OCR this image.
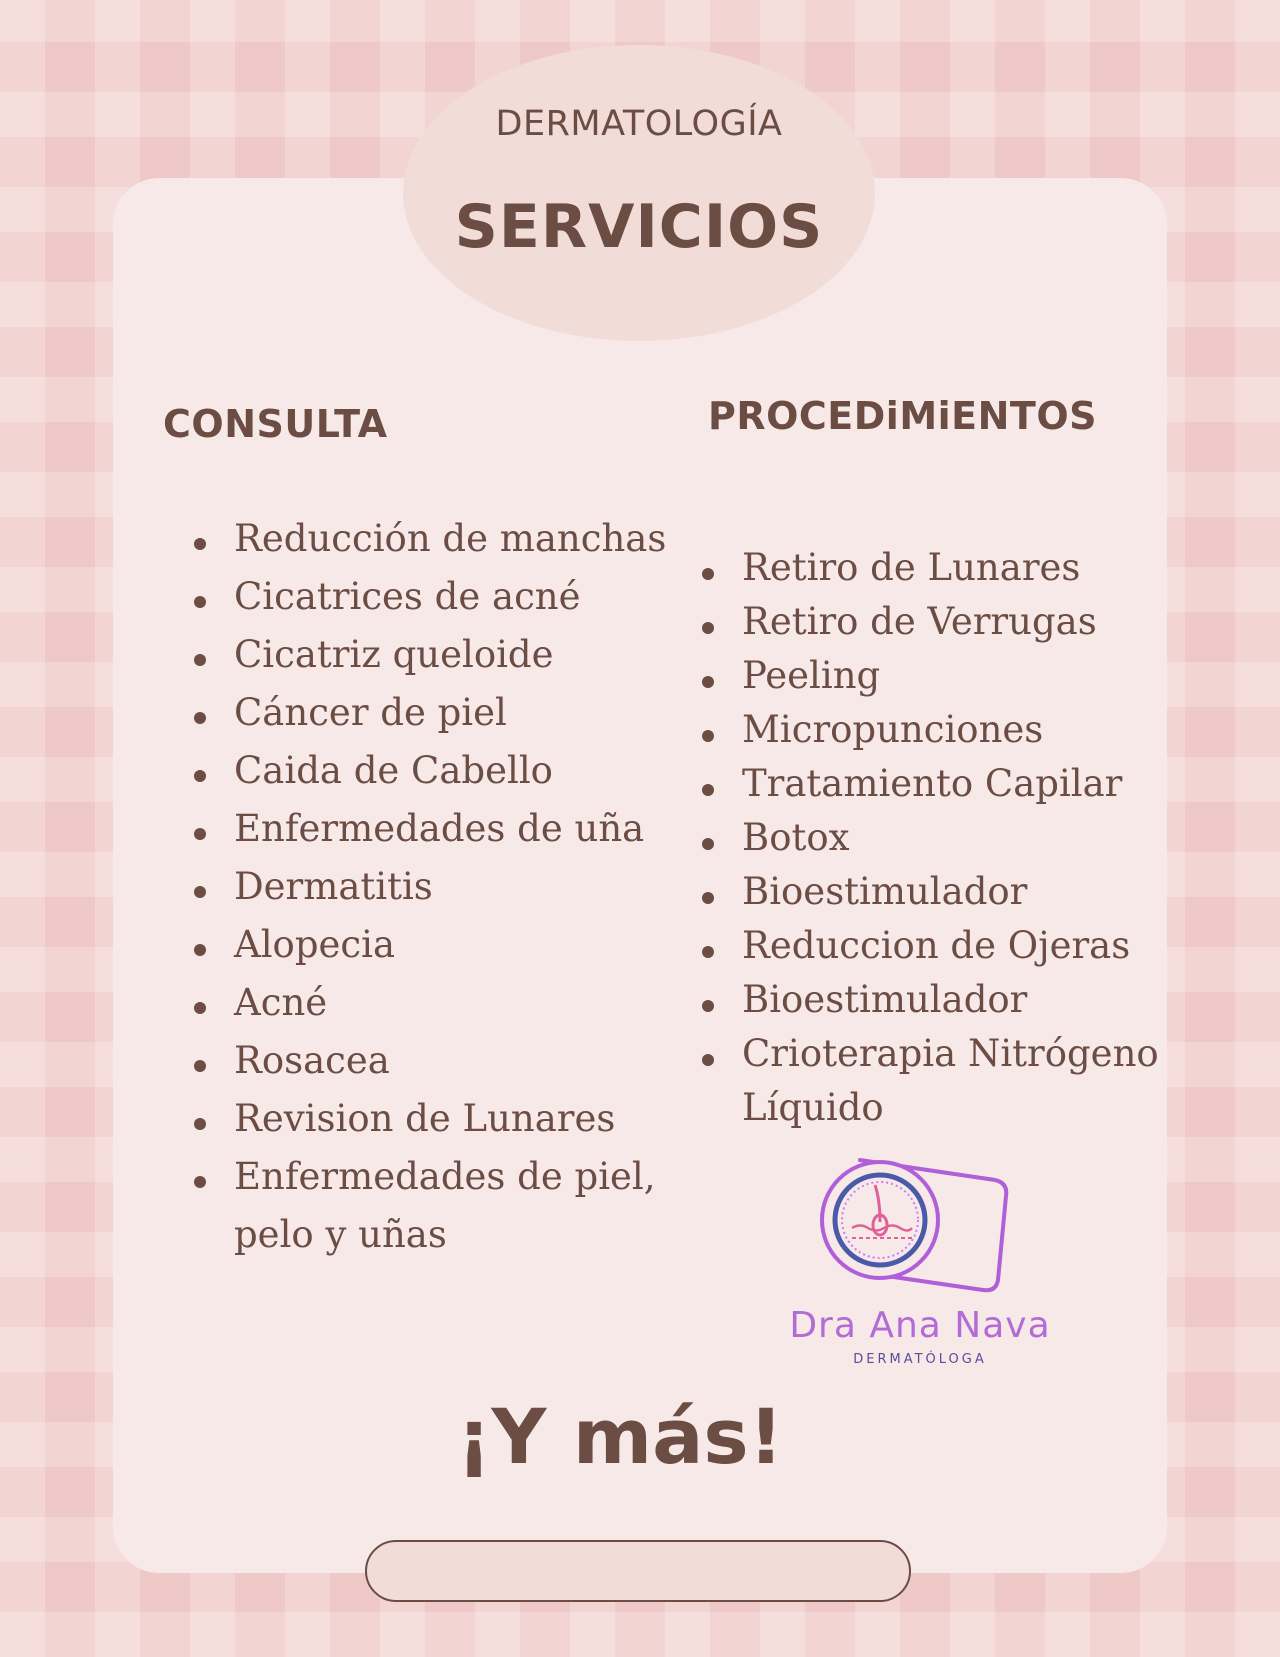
DERMATOLOGÍA
SERVICIOS
CONSULTA
Reducción de manchas
Cicatrices de acné
Cicatriz queloide
Cáncer de piel
Caida de Cabello
Enfermedades de uña
Dermatitis
Alopecia
Acné
Rosacea
Revision de Lunares
Enfermedades de piel, pelo y uñas
PROCEDiMiENTOS
Retiro de Lunares
Retiro de Verrugas
Peeling
Micropunciones
Tratamiento Capilar
Botox
Bioestimulador
Reduccion de Ojeras
Bioestimulador
Crioterapia Nitrógeno Líquido
Dra Ana Nava
DERMATÓLOGA
¡Y más!
